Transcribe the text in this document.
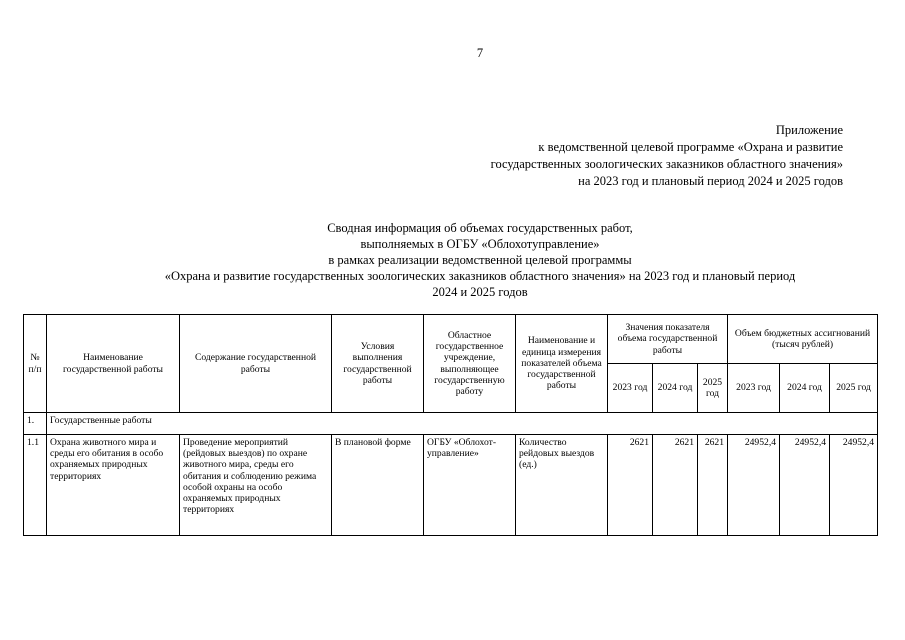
7
Приложение
к ведомственной целевой программе «Охрана и развитие
государственных зоологических заказников областного значения»
на 2023 год и плановый период 2024 и 2025 годов
Сводная информация об объемах государственных работ,
выполняемых в ОГБУ «Облохотуправление»
в рамках реализации ведомственной целевой программы
«Охрана и развитие государственных зоологических заказников областного значения» на 2023 год и плановый период
2024 и 2025 годов
№ п/п	Наименование государственной работы	Содержание государственной работы	Условия выполнения государственной работы	Областное государственное учреждение, выполняющее государственную работу	Наименование и единица измерения показателей объема государственной работы	Значения показателя объема государственной работы			Объем бюджетных ассигнований (тысяч рублей)		
						2023 год	2024 год	2025 год	2023 год	2024 год	2025 год
1.	Государственные работы										
1.1	Охрана животного мира и среды его обитания в особо охраняемых природных территориях	Проведение мероприятий (рейдовых выездов) по охране животного мира, среды его обитания и соблюдению режима особой охраны на особо охраняемых природных территориях	В плановой форме	ОГБУ «Облохот-управление»	Количество рейдовых выездов (ед.)	2621	2621	2621	24952,4	24952,4	24952,4
